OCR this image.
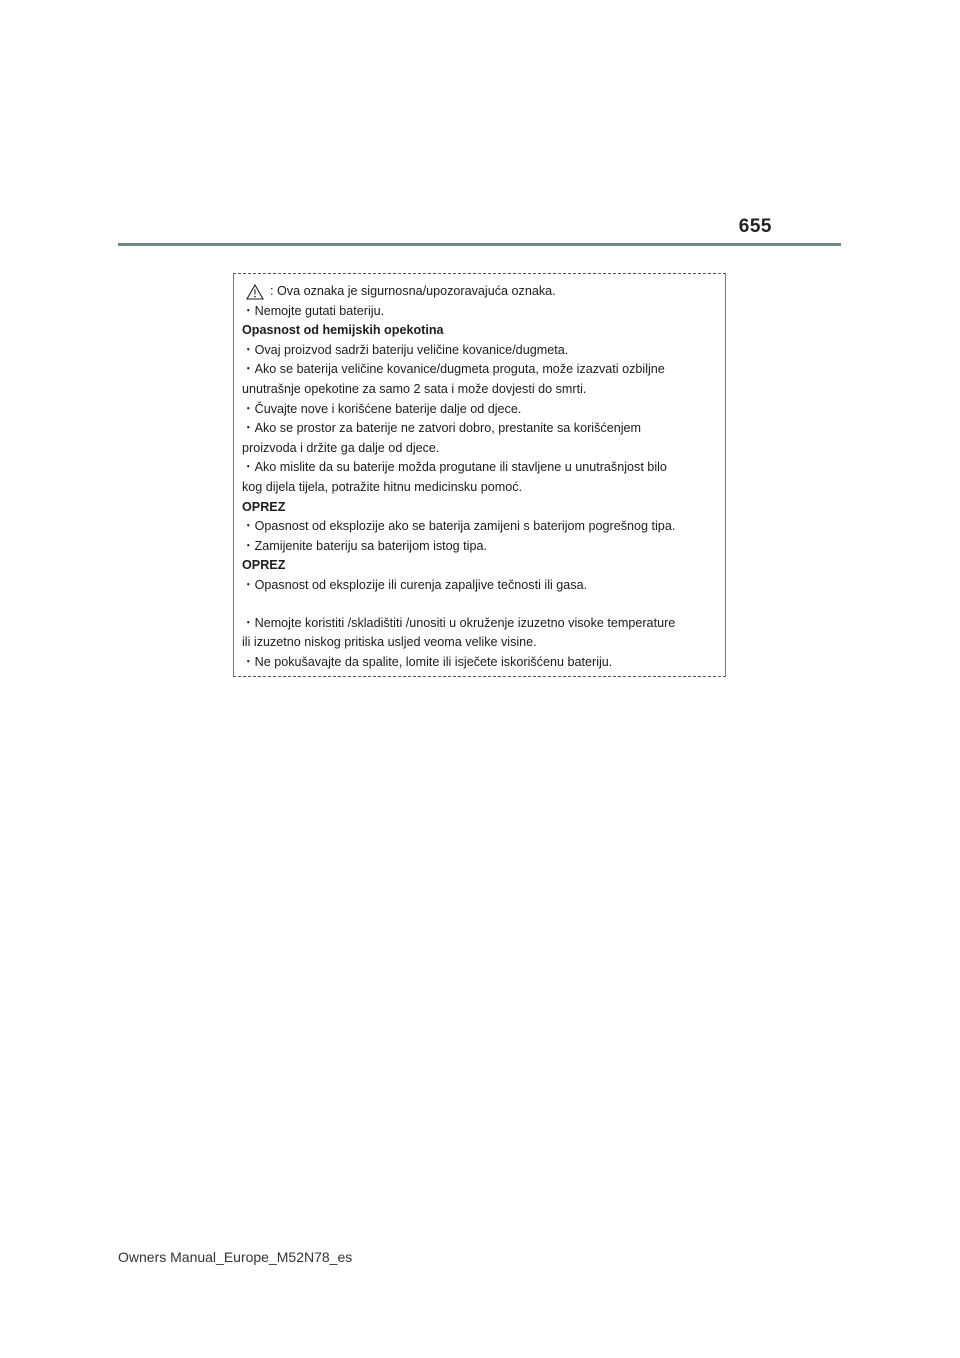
655
: Ova oznaka je sigurnosna/upozoravajuća oznaka.
・Nemojte gutati bateriju.
Opasnost od hemijskih opekotina
・Ovaj proizvod sadrži bateriju veličine kovanice/dugmeta.
・Ako se baterija veličine kovanice/dugmeta proguta, može izazvati ozbiljne
unutrašnje opekotine za samo 2 sata i može dovjesti do smrti.
・Čuvajte nove i korišćene baterije dalje od djece.
・Ako se prostor za baterije ne zatvori dobro, prestanite sa korišćenjem
proizvoda i držite ga dalje od djece.
・Ako mislite da su baterije možda progutane ili stavljene u unutrašnjost bilo
kog dijela tijela, potražite hitnu medicinsku pomoć.
OPREZ
・Opasnost od eksplozije ako se baterija zamijeni s baterijom pogrešnog tipa.
・Zamijenite bateriju sa baterijom istog tipa.
OPREZ
・Opasnost od eksplozije ili curenja zapaljive tečnosti ili gasa.
・Nemojte koristiti /skladištiti /unositi u okruženje izuzetno visoke temperature
ili izuzetno niskog pritiska usljed veoma velike visine.
・Ne pokušavajte da spalite, lomite ili isječete iskorišćenu bateriju.
Owners Manual_Europe_M52N78_es
